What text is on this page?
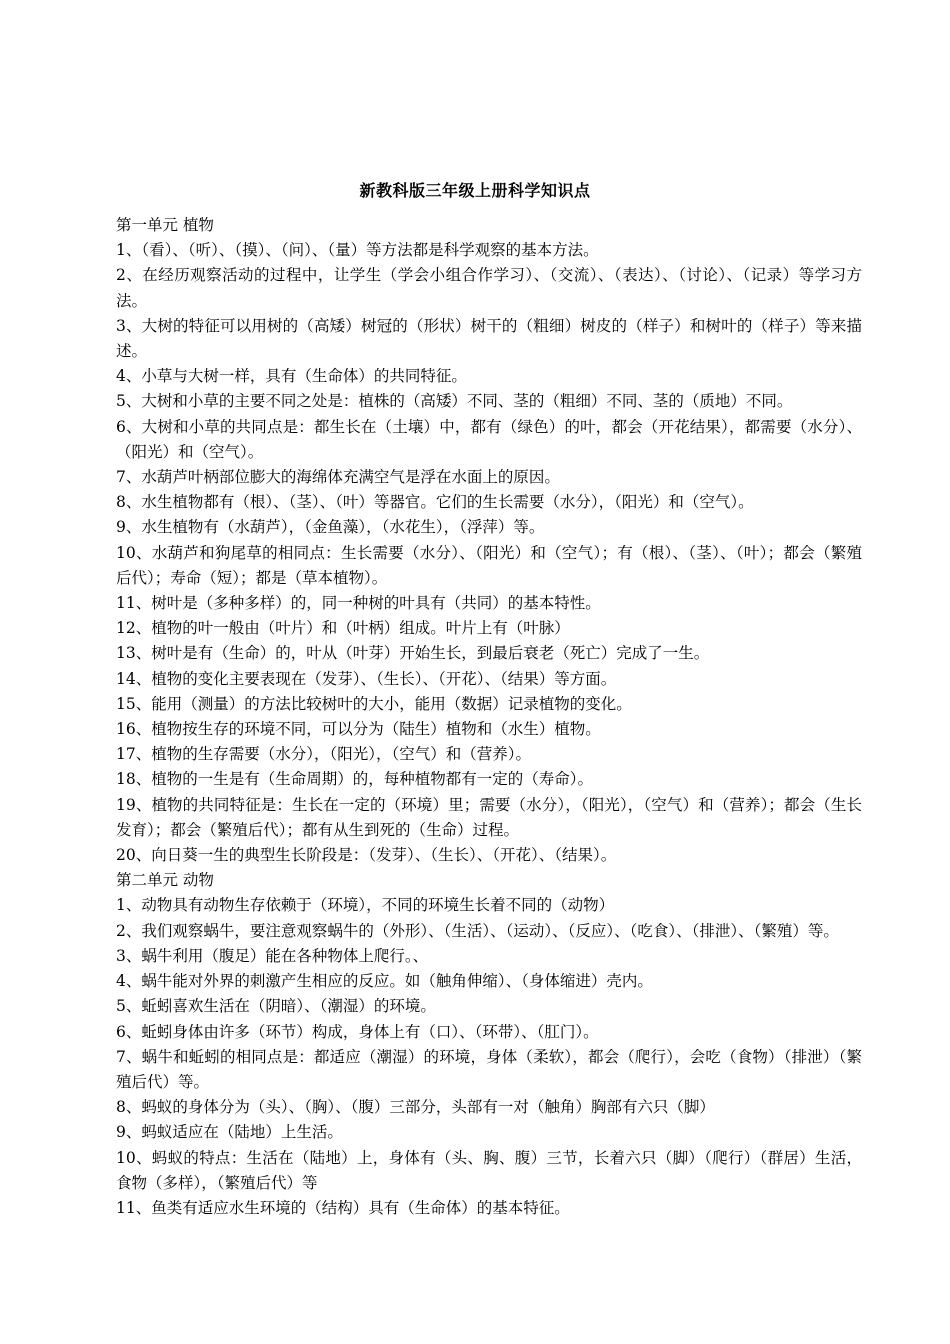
新教科版三年级上册科学知识点
第一单元 植物
1、（看）、（听）、（摸）、（问）、（量）等方法都是科学观察的基本方法。
2、在经历观察活动的过程中，让学生（学会小组合作学习）、（交流）、（表达）、（讨论）、（记录）等学习方法。
3、大树的特征可以用树的（高矮）树冠的（形状）树干的（粗细）树皮的（样子）和树叶的（样子）等来描述。
4、小草与大树一样，具有（生命体）的共同特征。
5、大树和小草的主要不同之处是：植株的（高矮）不同、茎的（粗细）不同、茎的（质地）不同。
6、大树和小草的共同点是：都生长在（土壤）中，都有（绿色）的叶，都会（开花结果），都需要（水分）、（阳光）和（空气）。
7、水葫芦叶柄部位膨大的海绵体充满空气是浮在水面上的原因。
8、水生植物都有（根）、（茎）、（叶）等器官。它们的生长需要（水分），（阳光）和（空气）。
9、水生植物有（水葫芦），（金鱼藻），（水花生），（浮萍）等。
10、水葫芦和狗尾草的相同点：生长需要（水分）、（阳光）和（空气）；有（根）、（茎）、（叶）；都会（繁殖后代）；寿命（短）；都是（草本植物）。
11、树叶是（多种多样）的，同一种树的叶具有（共同）的基本特性。
12、植物的叶一般由（叶片）和（叶柄）组成。叶片上有（叶脉）
13、树叶是有（生命）的，叶从（叶芽）开始生长，到最后衰老（死亡）完成了一生。
14、植物的变化主要表现在（发芽）、（生长）、（开花）、（结果）等方面。
15、能用（测量）的方法比较树叶的大小，能用（数据）记录植物的变化。
16、植物按生存的环境不同，可以分为（陆生）植物和（水生）植物。
17、植物的生存需要（水分），（阳光），（空气）和（营养）。
18、植物的一生是有（生命周期）的，每种植物都有一定的（寿命）。
19、植物的共同特征是：生长在一定的（环境）里；需要（水分），（阳光），（空气）和（营养）；都会（生长发育）；都会（繁殖后代）；都有从生到死的（生命）过程。
20、向日葵一生的典型生长阶段是：（发芽）、（生长）、（开花）、（结果）。
第二单元 动物
1、动物具有动物生存依赖于（环境），不同的环境生长着不同的（动物）
2、我们观察蜗牛，要注意观察蜗牛的（外形）、（生活）、（运动）、（反应）、（吃食）、（排泄）、（繁殖）等。
3、蜗牛利用（腹足）能在各种物体上爬行。、
4、蜗牛能对外界的刺激产生相应的反应。如（触角伸缩）、（身体缩进）壳内。
5、蚯蚓喜欢生活在（阴暗）、（潮湿）的环境。
6、蚯蚓身体由许多（环节）构成，身体上有（口）、（环带）、（肛门）。
7、蜗牛和蚯蚓的相同点是：都适应（潮湿）的环境，身体（柔软），都会（爬行），会吃（食物）（排泄）（繁殖后代）等。
8、蚂蚁的身体分为（头）、（胸）、（腹）三部分，头部有一对（触角）胸部有六只（脚）
9、蚂蚁适应在（陆地）上生活。
10、蚂蚁的特点：生活在（陆地）上，身体有（头、胸、腹）三节，长着六只（脚）（爬行）（群居）生活，食物（多样），（繁殖后代）等
11、鱼类有适应水生环境的（结构）具有（生命体）的基本特征。
